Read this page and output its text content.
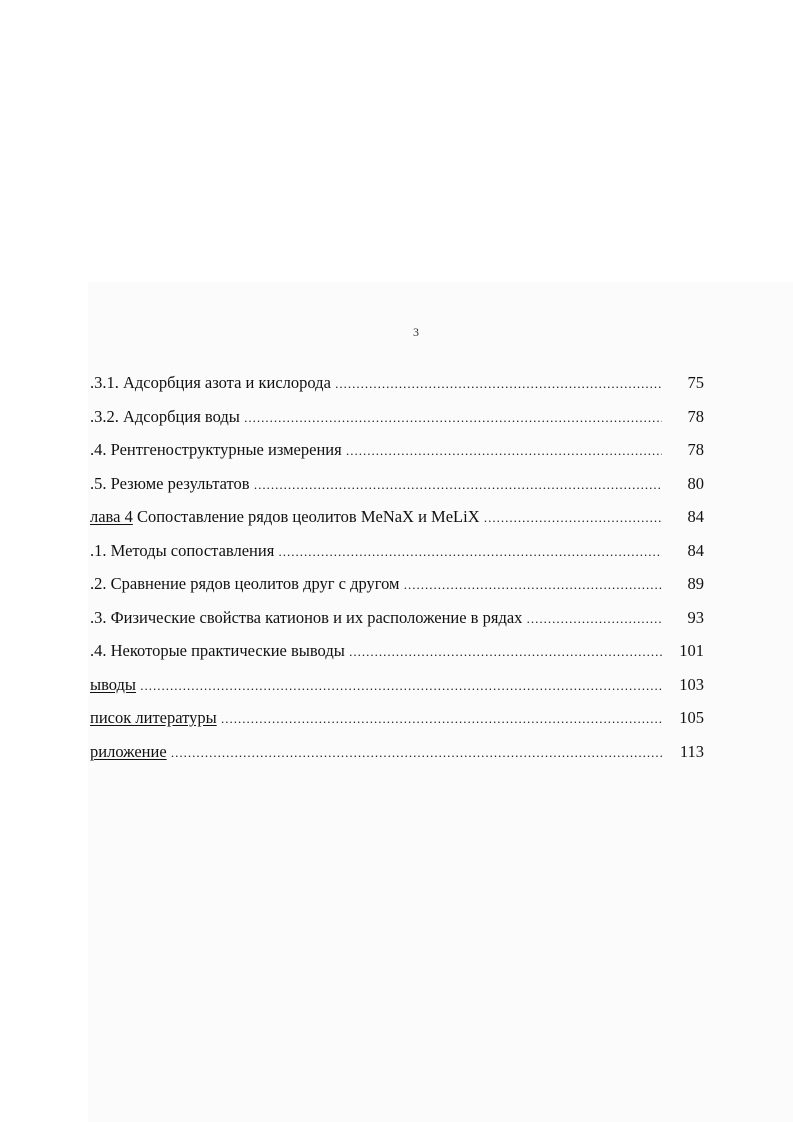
3
.3.1. Адсорбция азота и кислорода .....	75
.3.2. Адсорбция воды .....	78
.4. Рентгеноструктурные измерения .....	78
.5. Резюме результатов .....	80
лава 4 Сопоставление рядов цеолитов MeNaX и MeLiX .....	84
.1. Методы сопоставления .....	84
.2. Сравнение рядов цеолитов друг с другом .....	89
.3. Физические свойства катионов и их расположение в рядах .....	93
.4. Некоторые практические выводы .....	101
ыводы .....	103
писок литературы .....	105
риложение .....	113
